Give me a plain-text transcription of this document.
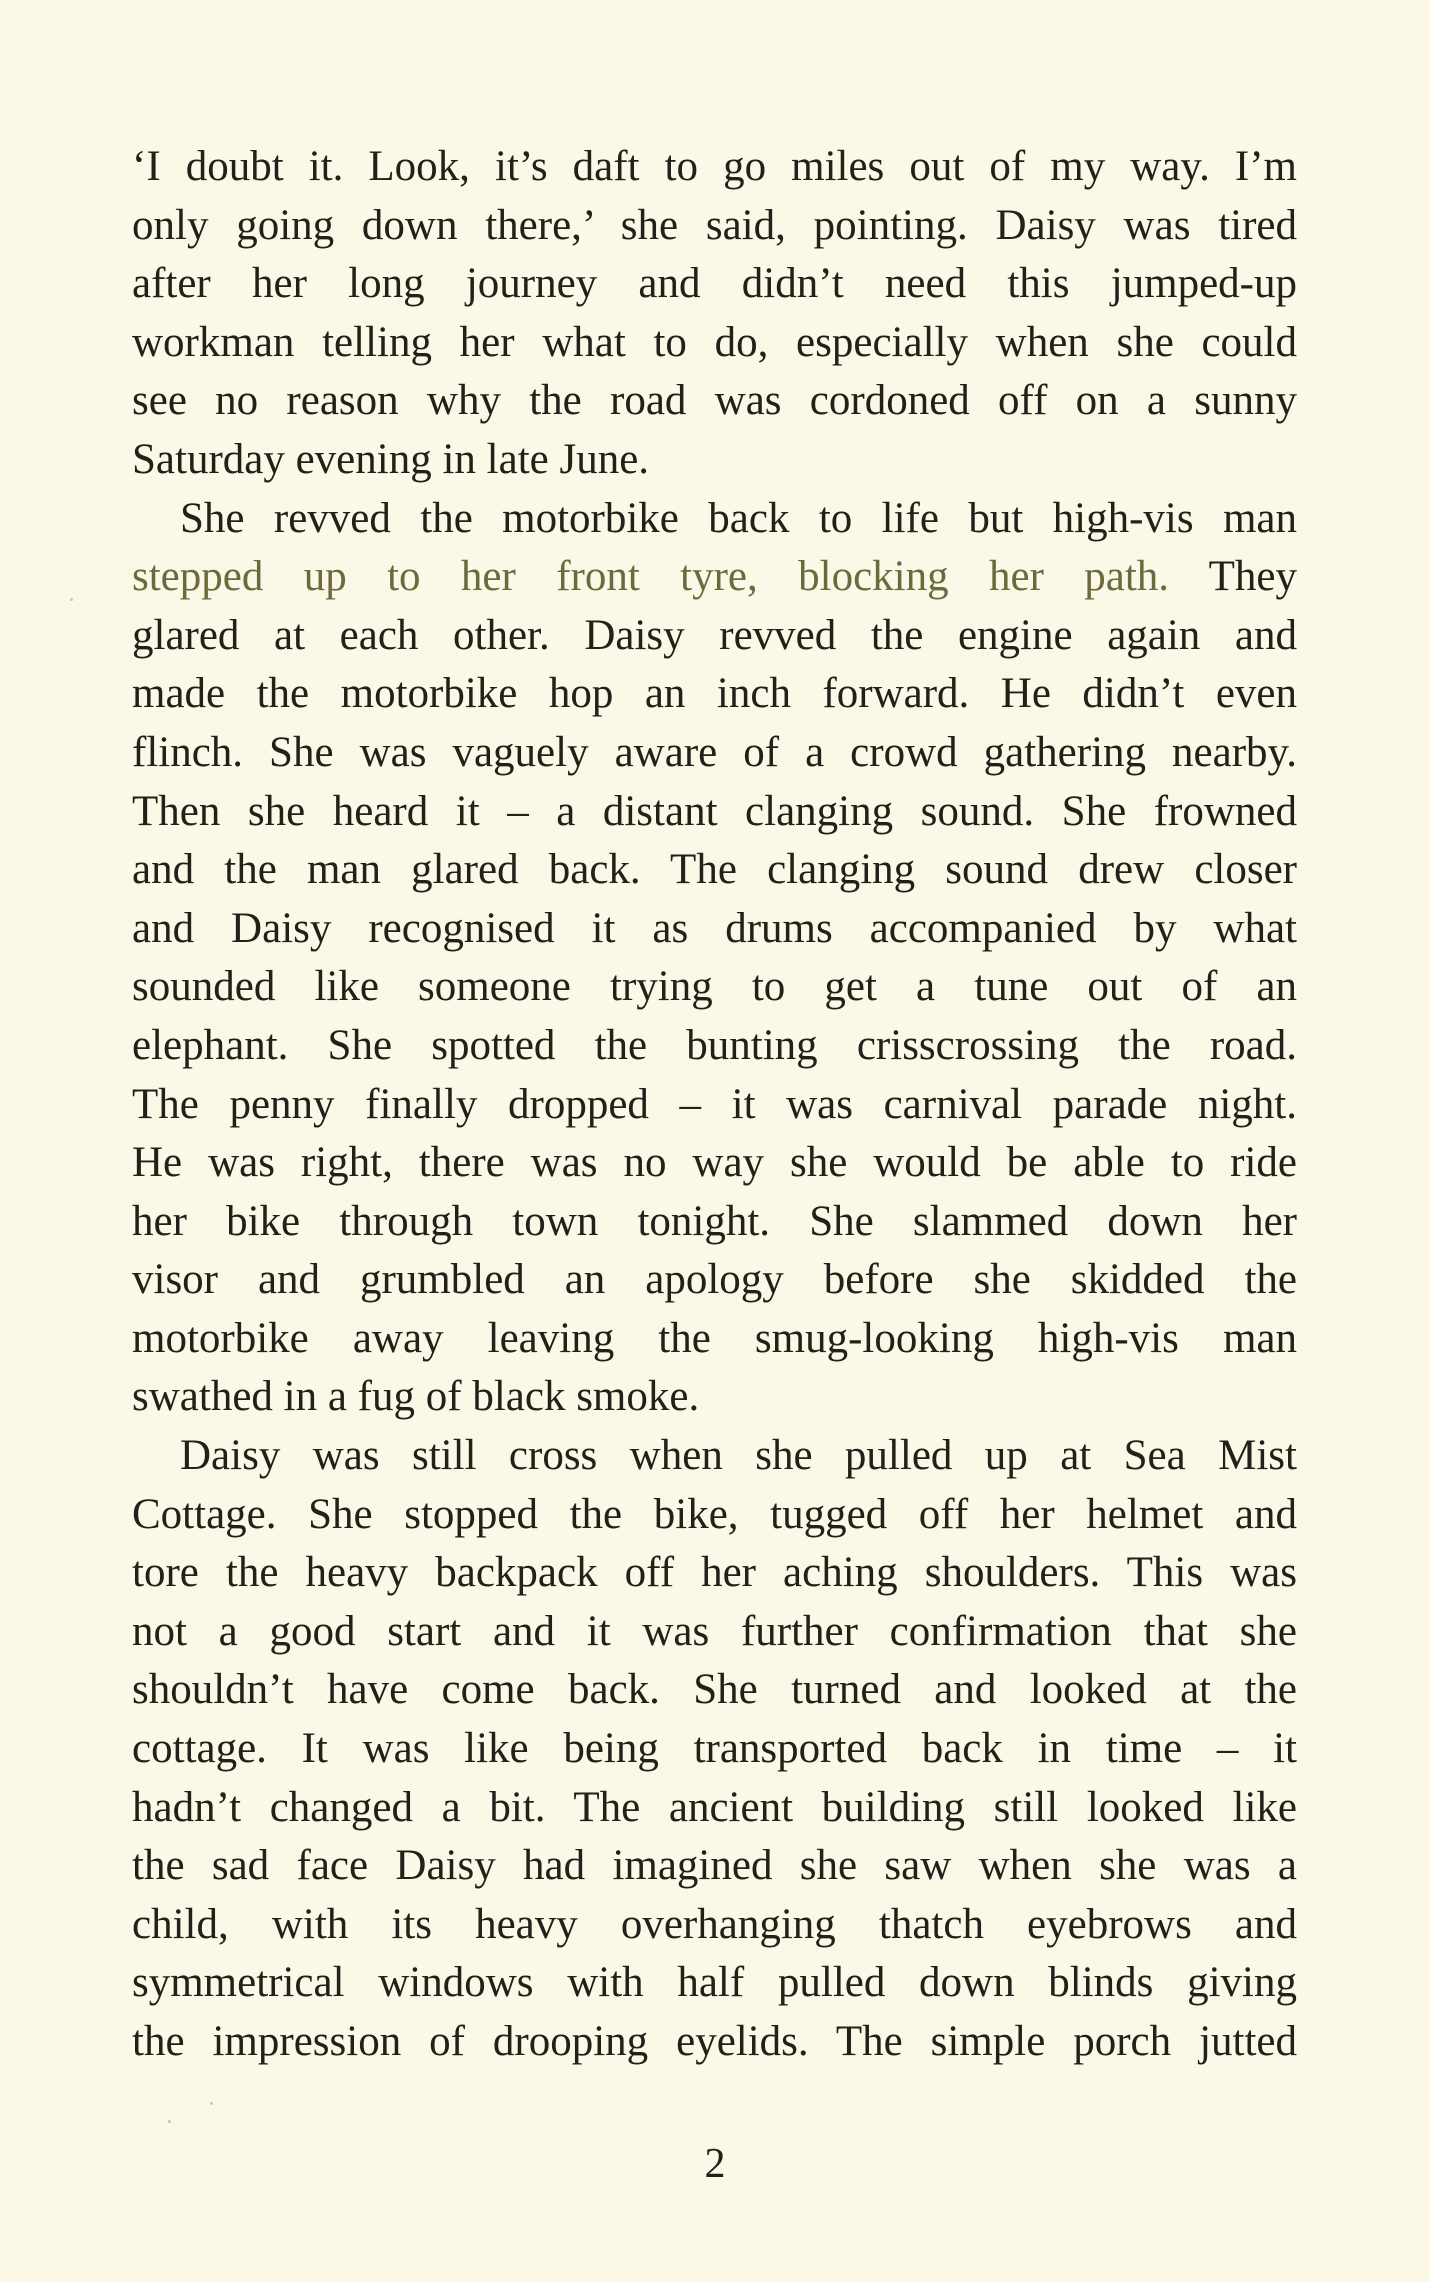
‘I doubt it. Look, it’s daft to go miles out of my way. I’m
only going down there,’ she said, pointing. Daisy was tired
after her long journey and didn’t need this jumped-up
workman telling her what to do, especially when she could
see no reason why the road was cordoned off on a sunny
Saturday evening in late June.
She revved the motorbike back to life but high-vis man
stepped up to her front tyre, blocking her path. They
glared at each other. Daisy revved the engine again and
made the motorbike hop an inch forward. He didn’t even
flinch. She was vaguely aware of a crowd gathering nearby.
Then she heard it – a distant clanging sound. She frowned
and the man glared back. The clanging sound drew closer
and Daisy recognised it as drums accompanied by what
sounded like someone trying to get a tune out of an
elephant. She spotted the bunting crisscrossing the road.
The penny finally dropped – it was carnival parade night.
He was right, there was no way she would be able to ride
her bike through town tonight. She slammed down her
visor and grumbled an apology before she skidded the
motorbike away leaving the smug-looking high-vis man
swathed in a fug of black smoke.
Daisy was still cross when she pulled up at Sea Mist
Cottage. She stopped the bike, tugged off her helmet and
tore the heavy backpack off her aching shoulders. This was
not a good start and it was further confirmation that she
shouldn’t have come back. She turned and looked at the
cottage. It was like being transported back in time – it
hadn’t changed a bit. The ancient building still looked like
the sad face Daisy had imagined she saw when she was a
child, with its heavy overhanging thatch eyebrows and
symmetrical windows with half pulled down blinds giving
the impression of drooping eyelids. The simple porch jutted
2
